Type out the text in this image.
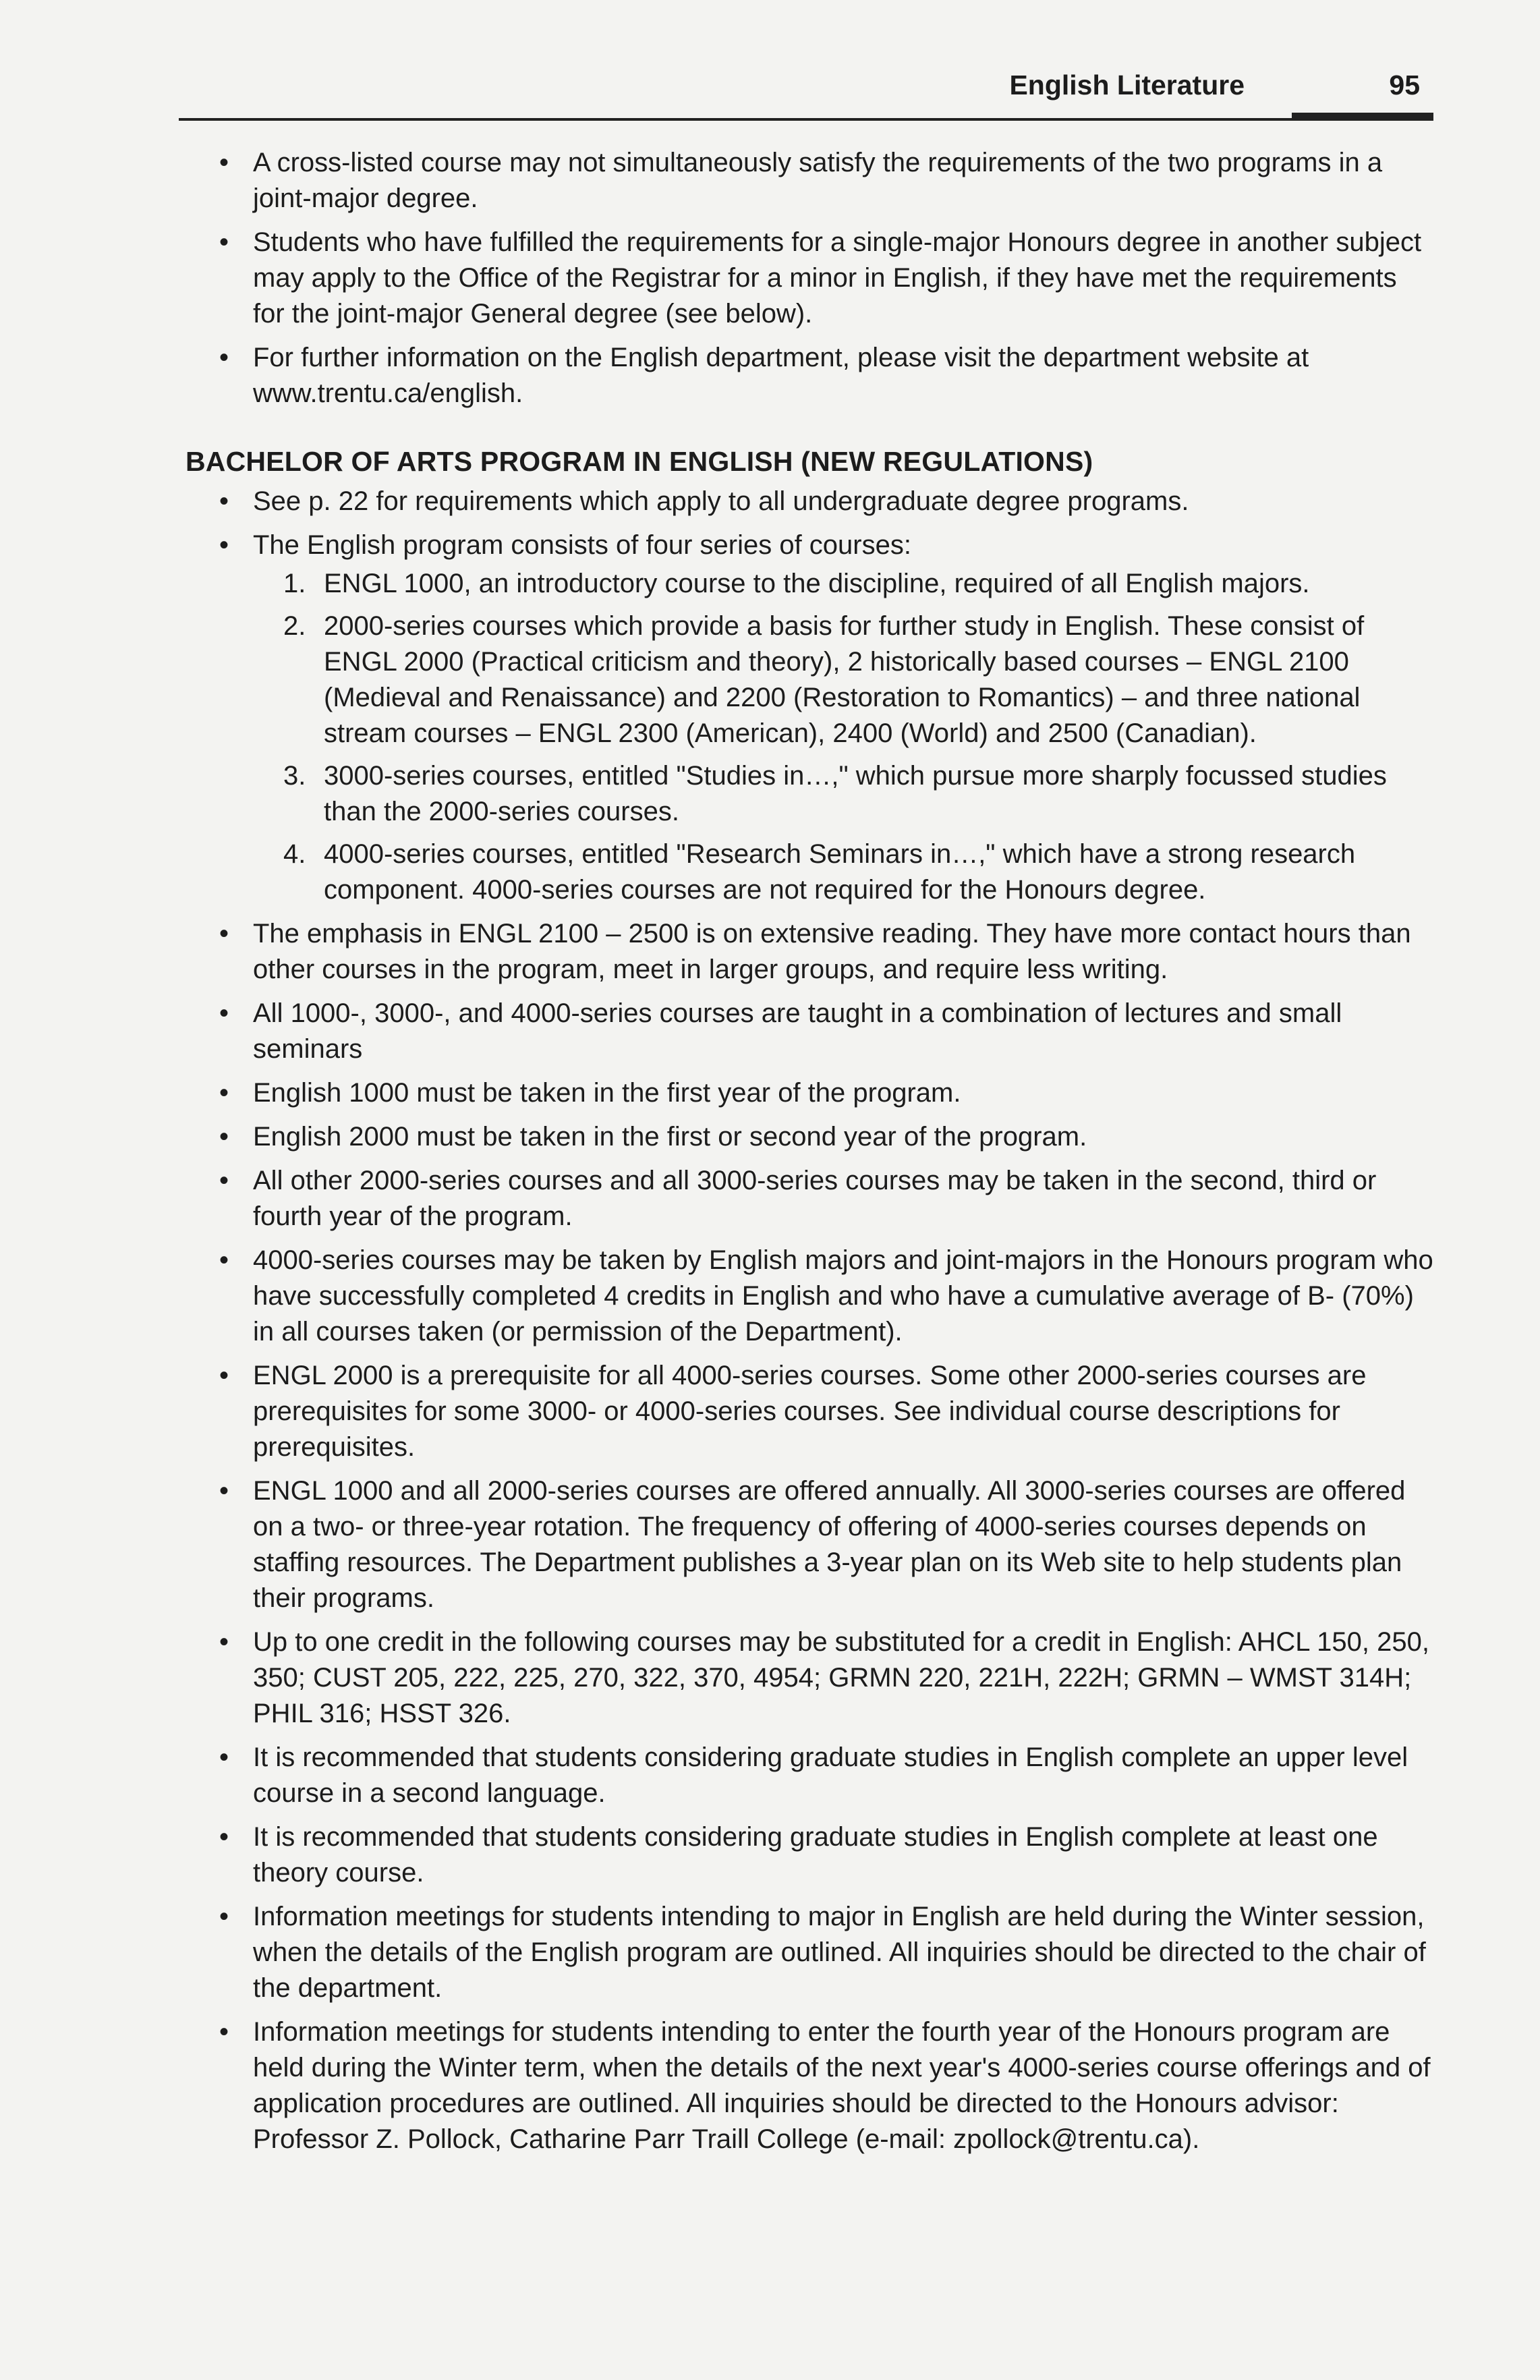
English Literature	95
• A cross-listed course may not simultaneously satisfy the requirements of the two programs in a joint-major degree.
• Students who have fulfilled the requirements for a single-major Honours degree in another subject may apply to the Office of the Registrar for a minor in English, if they have met the requirements for the joint-major General degree (see below).
• For further information on the English department, please visit the department website at www.trentu.ca/english.
BACHELOR OF ARTS PROGRAM IN ENGLISH (NEW REGULATIONS)
• See p. 22 for requirements which apply to all undergraduate degree programs.
• The English program consists of four series of courses:
1. ENGL 1000, an introductory course to the discipline, required of all English majors.
2. 2000-series courses which provide a basis for further study in English. These consist of ENGL 2000 (Practical criticism and theory), 2 historically based courses – ENGL 2100 (Medieval and Renaissance) and 2200 (Restoration to Romantics) – and three national stream courses – ENGL 2300 (American), 2400 (World) and 2500 (Canadian).
3. 3000-series courses, entitled "Studies in…," which pursue more sharply focussed studies than the 2000-series courses.
4. 4000-series courses, entitled "Research Seminars in…," which have a strong research component. 4000-series courses are not required for the Honours degree.
• The emphasis in ENGL 2100 – 2500 is on extensive reading. They have more contact hours than other courses in the program, meet in larger groups, and require less writing.
• All 1000-, 3000-, and 4000-series courses are taught in a combination of lectures and small seminars
• English 1000 must be taken in the first year of the program.
• English 2000 must be taken in the first or second year of the program.
• All other 2000-series courses and all 3000-series courses may be taken in the second, third or fourth year of the program.
• 4000-series courses may be taken by English majors and joint-majors in the Honours program who have successfully completed 4 credits in English and who have a cumulative average of B- (70%) in all courses taken (or permission of the Department).
• ENGL 2000 is a prerequisite for all 4000-series courses. Some other 2000-series courses are prerequisites for some 3000- or 4000-series courses. See individual course descriptions for prerequisites.
• ENGL 1000 and all 2000-series courses are offered annually. All 3000-series courses are offered on a two- or three-year rotation. The frequency of offering of 4000-series courses depends on staffing resources. The Department publishes a 3-year plan on its Web site to help students plan their programs.
• Up to one credit in the following courses may be substituted for a credit in English: AHCL 150, 250, 350; CUST 205, 222, 225, 270, 322, 370, 4954; GRMN 220, 221H, 222H; GRMN – WMST 314H; PHIL 316; HSST 326.
• It is recommended that students considering graduate studies in English complete an upper level course in a second language.
• It is recommended that students considering graduate studies in English complete at least one theory course.
• Information meetings for students intending to major in English are held during the Winter session, when the details of the English program are outlined. All inquiries should be directed to the chair of the department.
• Information meetings for students intending to enter the fourth year of the Honours program are held during the Winter term, when the details of the next year's 4000-series course offerings and of application procedures are outlined. All inquiries should be directed to the Honours advisor: Professor Z. Pollock, Catharine Parr Traill College (e-mail: zpollock@trentu.ca).
